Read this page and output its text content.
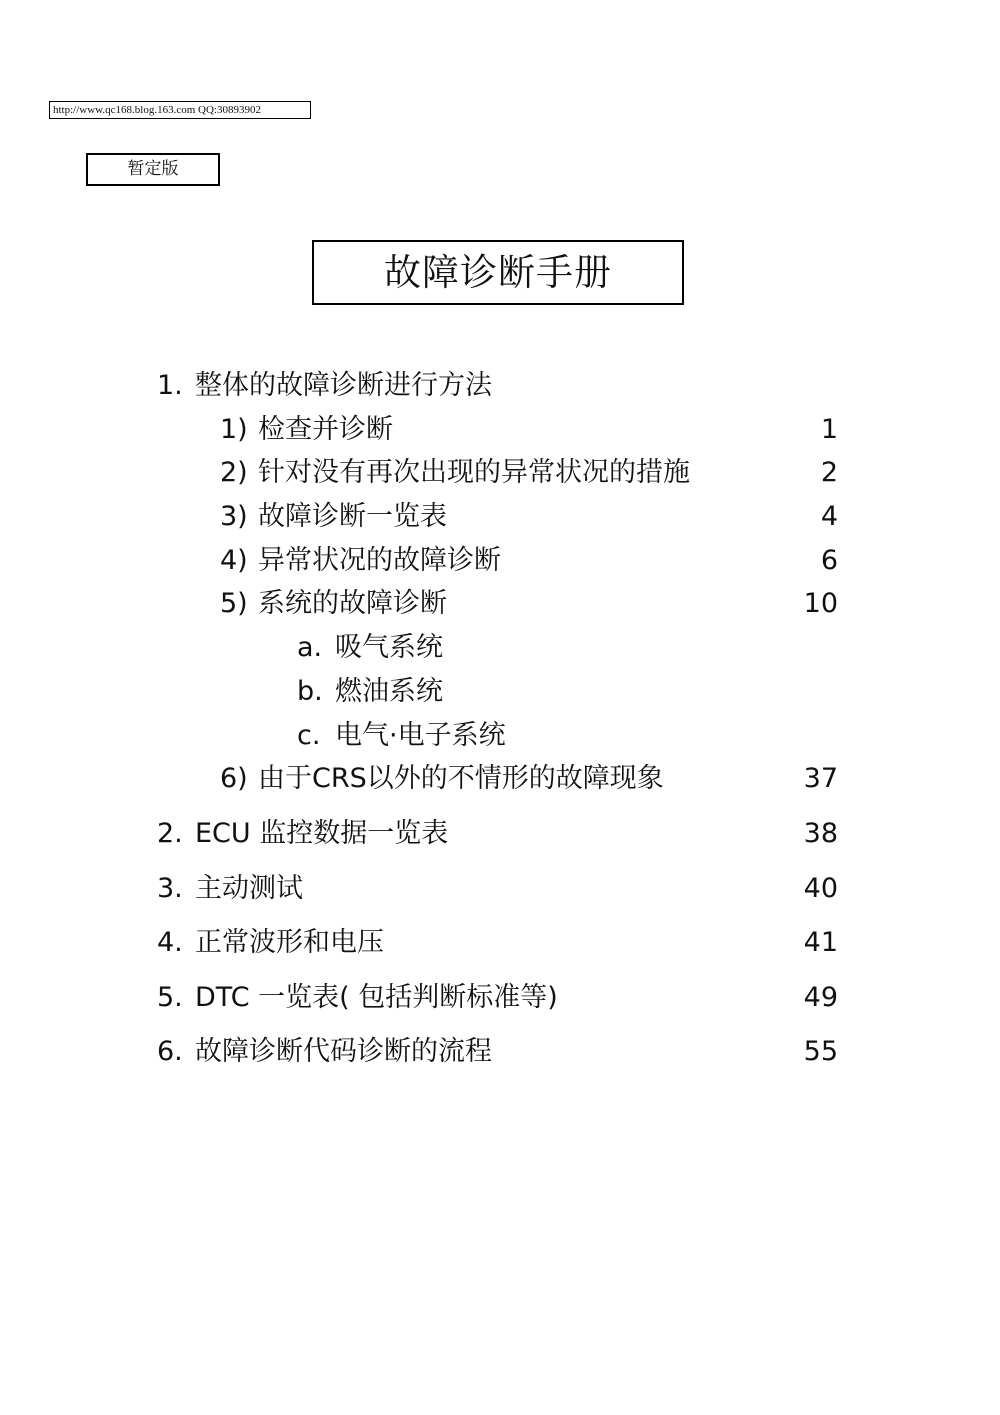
http://www.qc168.blog.163.com QQ:30893902
暂定版
故障诊断手册
1. 整体的故障诊断进行方法
1) 检查并诊断	1
2) 针对没有再次出现的异常状况的措施	2
3) 故障诊断一览表	4
4) 异常状况的故障诊断	6
5) 系统的故障诊断	10
a. 吸气系统
b. 燃油系统
c. 电气·电子系统
6) 由于CRS以外的不情形的故障现象	37
2. ECU 监控数据一览表	38
3. 主动测试	40
4. 正常波形和电压	41
5. DTC 一览表( 包括判断标准等)	49
6. 故障诊断代码诊断的流程	55
